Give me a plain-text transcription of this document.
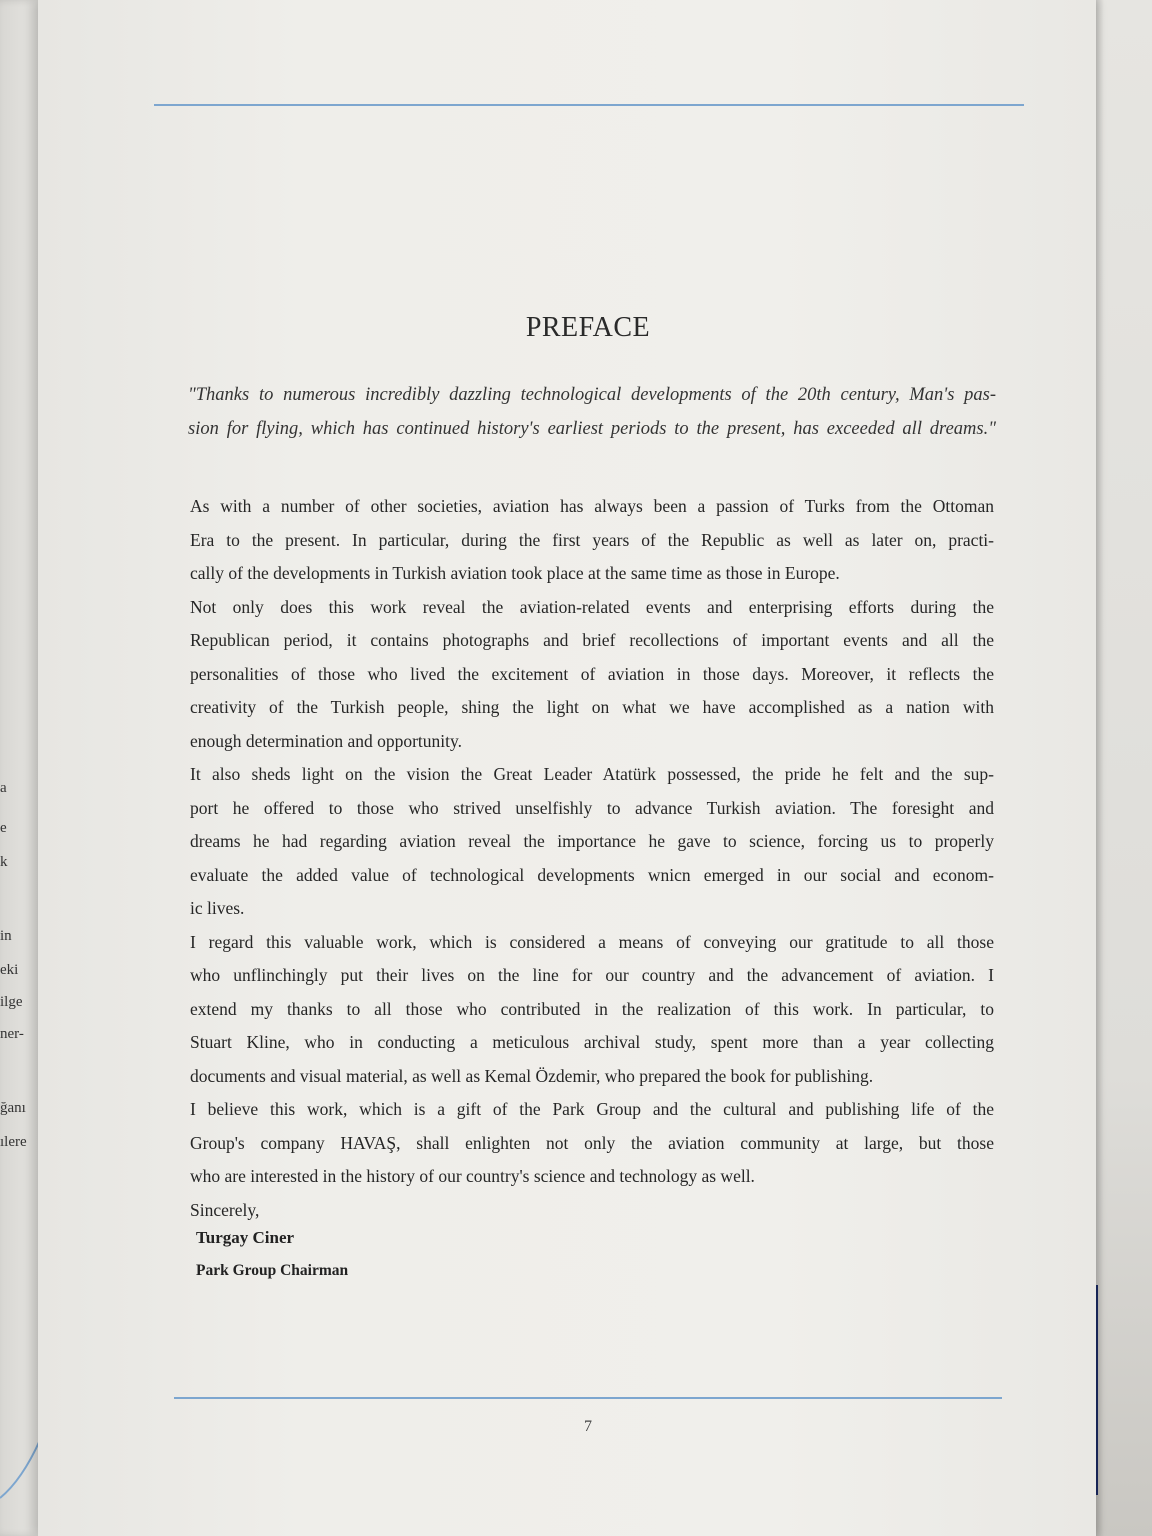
a
e
k
in
eki
ilge
ner-
ğanı
ılere
PREFACE
"Thanks to numerous incredibly dazzling technological developments of the 20th century, Man's pas-
sion for flying, which has continued history's earliest periods to the present, has exceeded all dreams."
As with a number of other societies, aviation has always been a passion of Turks from the Ottoman
Era to the present. In particular, during the first years of the Republic as well as later on, practi-
cally of the developments in Turkish aviation took place at the same time as those in Europe.
Not only does this work reveal the aviation-related events and enterprising efforts during the
Republican period, it contains photographs and brief recollections of important events and all the
personalities of those who lived the excitement of aviation in those days. Moreover, it reflects the
creativity of the Turkish people, shing the light on what we have accomplished as a nation with
enough determination and opportunity.
It also sheds light on the vision the Great Leader Atatürk possessed, the pride he felt and the sup-
port he offered to those who strived unselfishly to advance Turkish aviation. The foresight and
dreams he had regarding aviation reveal the importance he gave to science, forcing us to properly
evaluate the added value of technological developments wnicn emerged in our social and econom-
ic lives.
I regard this valuable work, which is considered a means of conveying our gratitude to all those
who unflinchingly put their lives on the line for our country and the advancement of aviation. I
extend my thanks to all those who contributed in the realization of this work. In particular, to
Stuart Kline, who in conducting a meticulous archival study, spent more than a year collecting
documents and visual material, as well as Kemal Özdemir, who prepared the book for publishing.
I believe this work, which is a gift of the Park Group and the cultural and publishing life of the
Group's company HAVAŞ, shall enlighten not only the aviation community at large, but those
who are interested in the history of our country's science and technology as well.
Sincerely,
Turgay Ciner
Park Group Chairman
7
